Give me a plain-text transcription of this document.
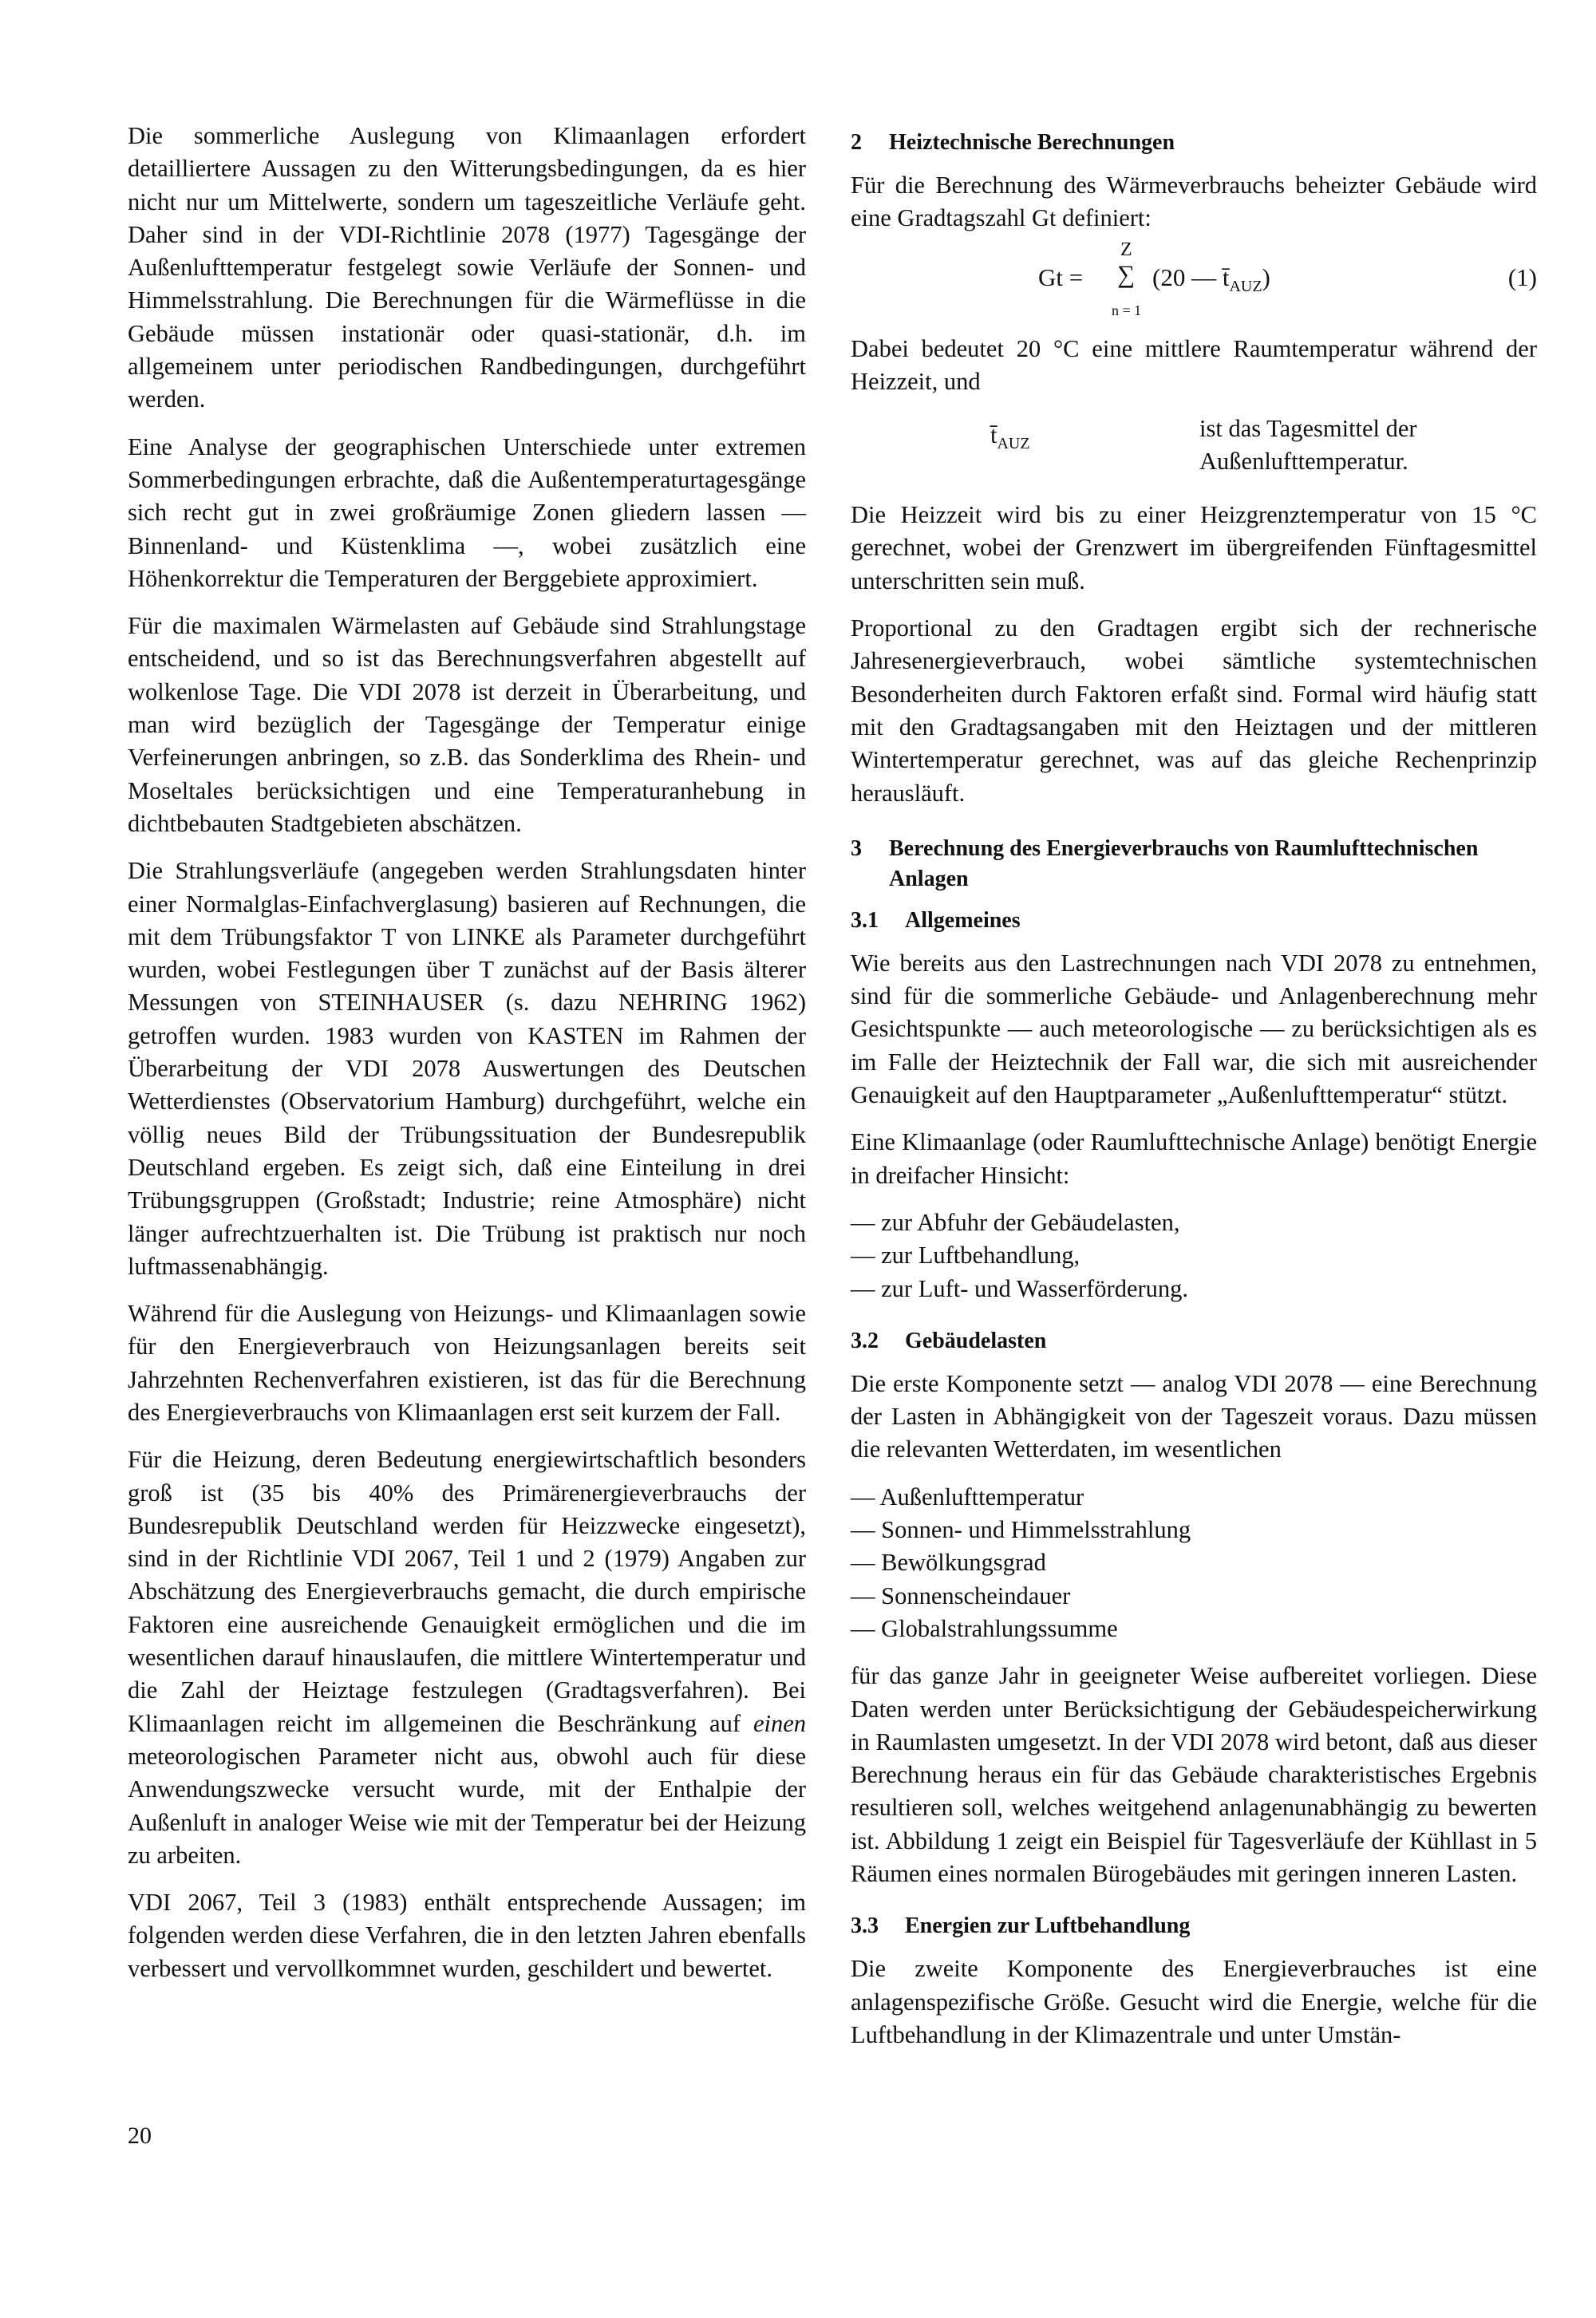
Die sommerliche Auslegung von Klimaanlagen erfordert detailliertere Aussagen zu den Witterungsbedingungen, da es hier nicht nur um Mittelwerte, sondern um tageszeitliche Verläufe geht. Daher sind in der VDI-Richtlinie 2078 (1977) Tagesgänge der Außenlufttemperatur festgelegt sowie Verläufe der Sonnen- und Himmelsstrahlung. Die Berechnungen für die Wärmeflüsse in die Gebäude müssen instationär oder quasi-stationär, d.h. im allgemeinem unter periodischen Randbedingungen, durchgeführt werden.

Eine Analyse der geographischen Unterschiede unter extremen Sommerbedingungen erbrachte, daß die Außentemperaturtagesgänge sich recht gut in zwei großräumige Zonen gliedern lassen — Binnenland- und Küstenklima —, wobei zusätzlich eine Höhenkorrektur die Temperaturen der Berggebiete approximiert.

Für die maximalen Wärmelasten auf Gebäude sind Strahlungstage entscheidend, und so ist das Berechnungsverfahren abgestellt auf wolkenlose Tage. Die VDI 2078 ist derzeit in Überarbeitung, und man wird bezüglich der Tagesgänge der Temperatur einige Verfeinerungen anbringen, so z.B. das Sonderklima des Rhein- und Moseltales berücksichtigen und eine Temperaturanhebung in dichtbebauten Stadtgebieten abschätzen.

Die Strahlungsverläufe (angegeben werden Strahlungsdaten hinter einer Normalglas-Einfachverglasung) basieren auf Rechnungen, die mit dem Trübungsfaktor T von LINKE als Parameter durchgeführt wurden, wobei Festlegungen über T zunächst auf der Basis älterer Messungen von STEINHAUSER (s. dazu NEHRING 1962) getroffen wurden. 1983 wurden von KASTEN im Rahmen der Überarbeitung der VDI 2078 Auswertungen des Deutschen Wetterdienstes (Observatorium Hamburg) durchgeführt, welche ein völlig neues Bild der Trübungssituation der Bundesrepublik Deutschland ergeben. Es zeigt sich, daß eine Einteilung in drei Trübungsgruppen (Großstadt; Industrie; reine Atmosphäre) nicht länger aufrechtzuerhalten ist. Die Trübung ist praktisch nur noch luftmassenabhängig.

Während für die Auslegung von Heizungs- und Klimaanlagen sowie für den Energieverbrauch von Heizungsanlagen bereits seit Jahrzehnten Rechenverfahren existieren, ist das für die Berechnung des Energieverbrauchs von Klimaanlagen erst seit kurzem der Fall.

Für die Heizung, deren Bedeutung energiewirtschaftlich besonders groß ist (35 bis 40% des Primärenergieverbrauchs der Bundesrepublik Deutschland werden für Heizzwecke eingesetzt), sind in der Richtlinie VDI 2067, Teil 1 und 2 (1979) Angaben zur Abschätzung des Energieverbrauchs gemacht, die durch empirische Faktoren eine ausreichende Genauigkeit ermöglichen und die im wesentlichen darauf hinauslaufen, die mittlere Wintertemperatur und die Zahl der Heiztage festzulegen (Gradtagsverfahren). Bei Klimaanlagen reicht im allgemeinen die Beschränkung auf einen meteorologischen Parameter nicht aus, obwohl auch für diese Anwendungszwecke versucht wurde, mit der Enthalpie der Außenluft in analoger Weise wie mit der Temperatur bei der Heizung zu arbeiten.

VDI 2067, Teil 3 (1983) enthält entsprechende Aussagen; im folgenden werden diese Verfahren, die in den letzten Jahren ebenfalls verbessert und vervollkommnet wurden, geschildert und bewertet.

2	Heiztechnische Berechnungen

Für die Berechnung des Wärmeverbrauchs beheizter Gebäude wird eine Gradtagszahl Gt definiert:

Gt =
Z
∑
n = 1
(20 — $t̄_{AUZ}$)	(1)

Dabei bedeutet 20 °C eine mittlere Raumtemperatur während der Heizzeit, und

$t̄_{AUZ}$
ist das Tagesmittel der Außenlufttemperatur.

Die Heizzeit wird bis zu einer Heizgrenztemperatur von 15 °C gerechnet, wobei der Grenzwert im übergreifenden Fünftagesmittel unterschritten sein muß.

Proportional zu den Gradtagen ergibt sich der rechnerische Jahresenergieverbrauch, wobei sämtliche systemtechnischen Besonderheiten durch Faktoren erfaßt sind. Formal wird häufig statt mit den Gradtagsangaben mit den Heiztagen und der mittleren Wintertemperatur gerechnet, was auf das gleiche Rechenprinzip herausläuft.

3	Berechnung des Energieverbrauchs von Raumlufttechnischen Anlagen
3.1 Allgemeines

Wie bereits aus den Lastrechnungen nach VDI 2078 zu entnehmen, sind für die sommerliche Gebäude- und Anlagenberechnung mehr Gesichtspunkte — auch meteorologische — zu berücksichtigen als es im Falle der Heiztechnik der Fall war, die sich mit ausreichender Genauigkeit auf den Hauptparameter „Außenlufttemperatur“ stützt.

Eine Klimaanlage (oder Raumlufttechnische Anlage) benötigt Energie in dreifacher Hinsicht:

— zur Abfuhr der Gebäudelasten,
— zur Luftbehandlung,
— zur Luft- und Wasserförderung.
3.2 Gebäudelasten

Die erste Komponente setzt — analog VDI 2078 — eine Berechnung der Lasten in Abhängigkeit von der Tageszeit voraus. Dazu müssen die relevanten Wetterdaten, im wesentlichen

— Außenlufttemperatur
— Sonnen- und Himmelsstrahlung
— Bewölkungsgrad
— Sonnenscheindauer
— Globalstrahlungssumme

für das ganze Jahr in geeigneter Weise aufbereitet vorliegen. Diese Daten werden unter Berücksichtigung der Gebäudespeicherwirkung in Raumlasten umgesetzt. In der VDI 2078 wird betont, daß aus dieser Berechnung heraus ein für das Gebäude charakteristisches Ergebnis resultieren soll, welches weitgehend anlagenunabhängig zu bewerten ist. Abbildung 1 zeigt ein Beispiel für Tagesverläufe der Kühllast in 5 Räumen eines normalen Bürogebäudes mit geringen inneren Lasten.

3.3 Energien zur Luftbehandlung

Die zweite Komponente des Energieverbrauches ist eine anlagenspezifische Größe. Gesucht wird die Energie, welche für die Luftbehandlung in der Klimazentrale und unter Umstän-

20
